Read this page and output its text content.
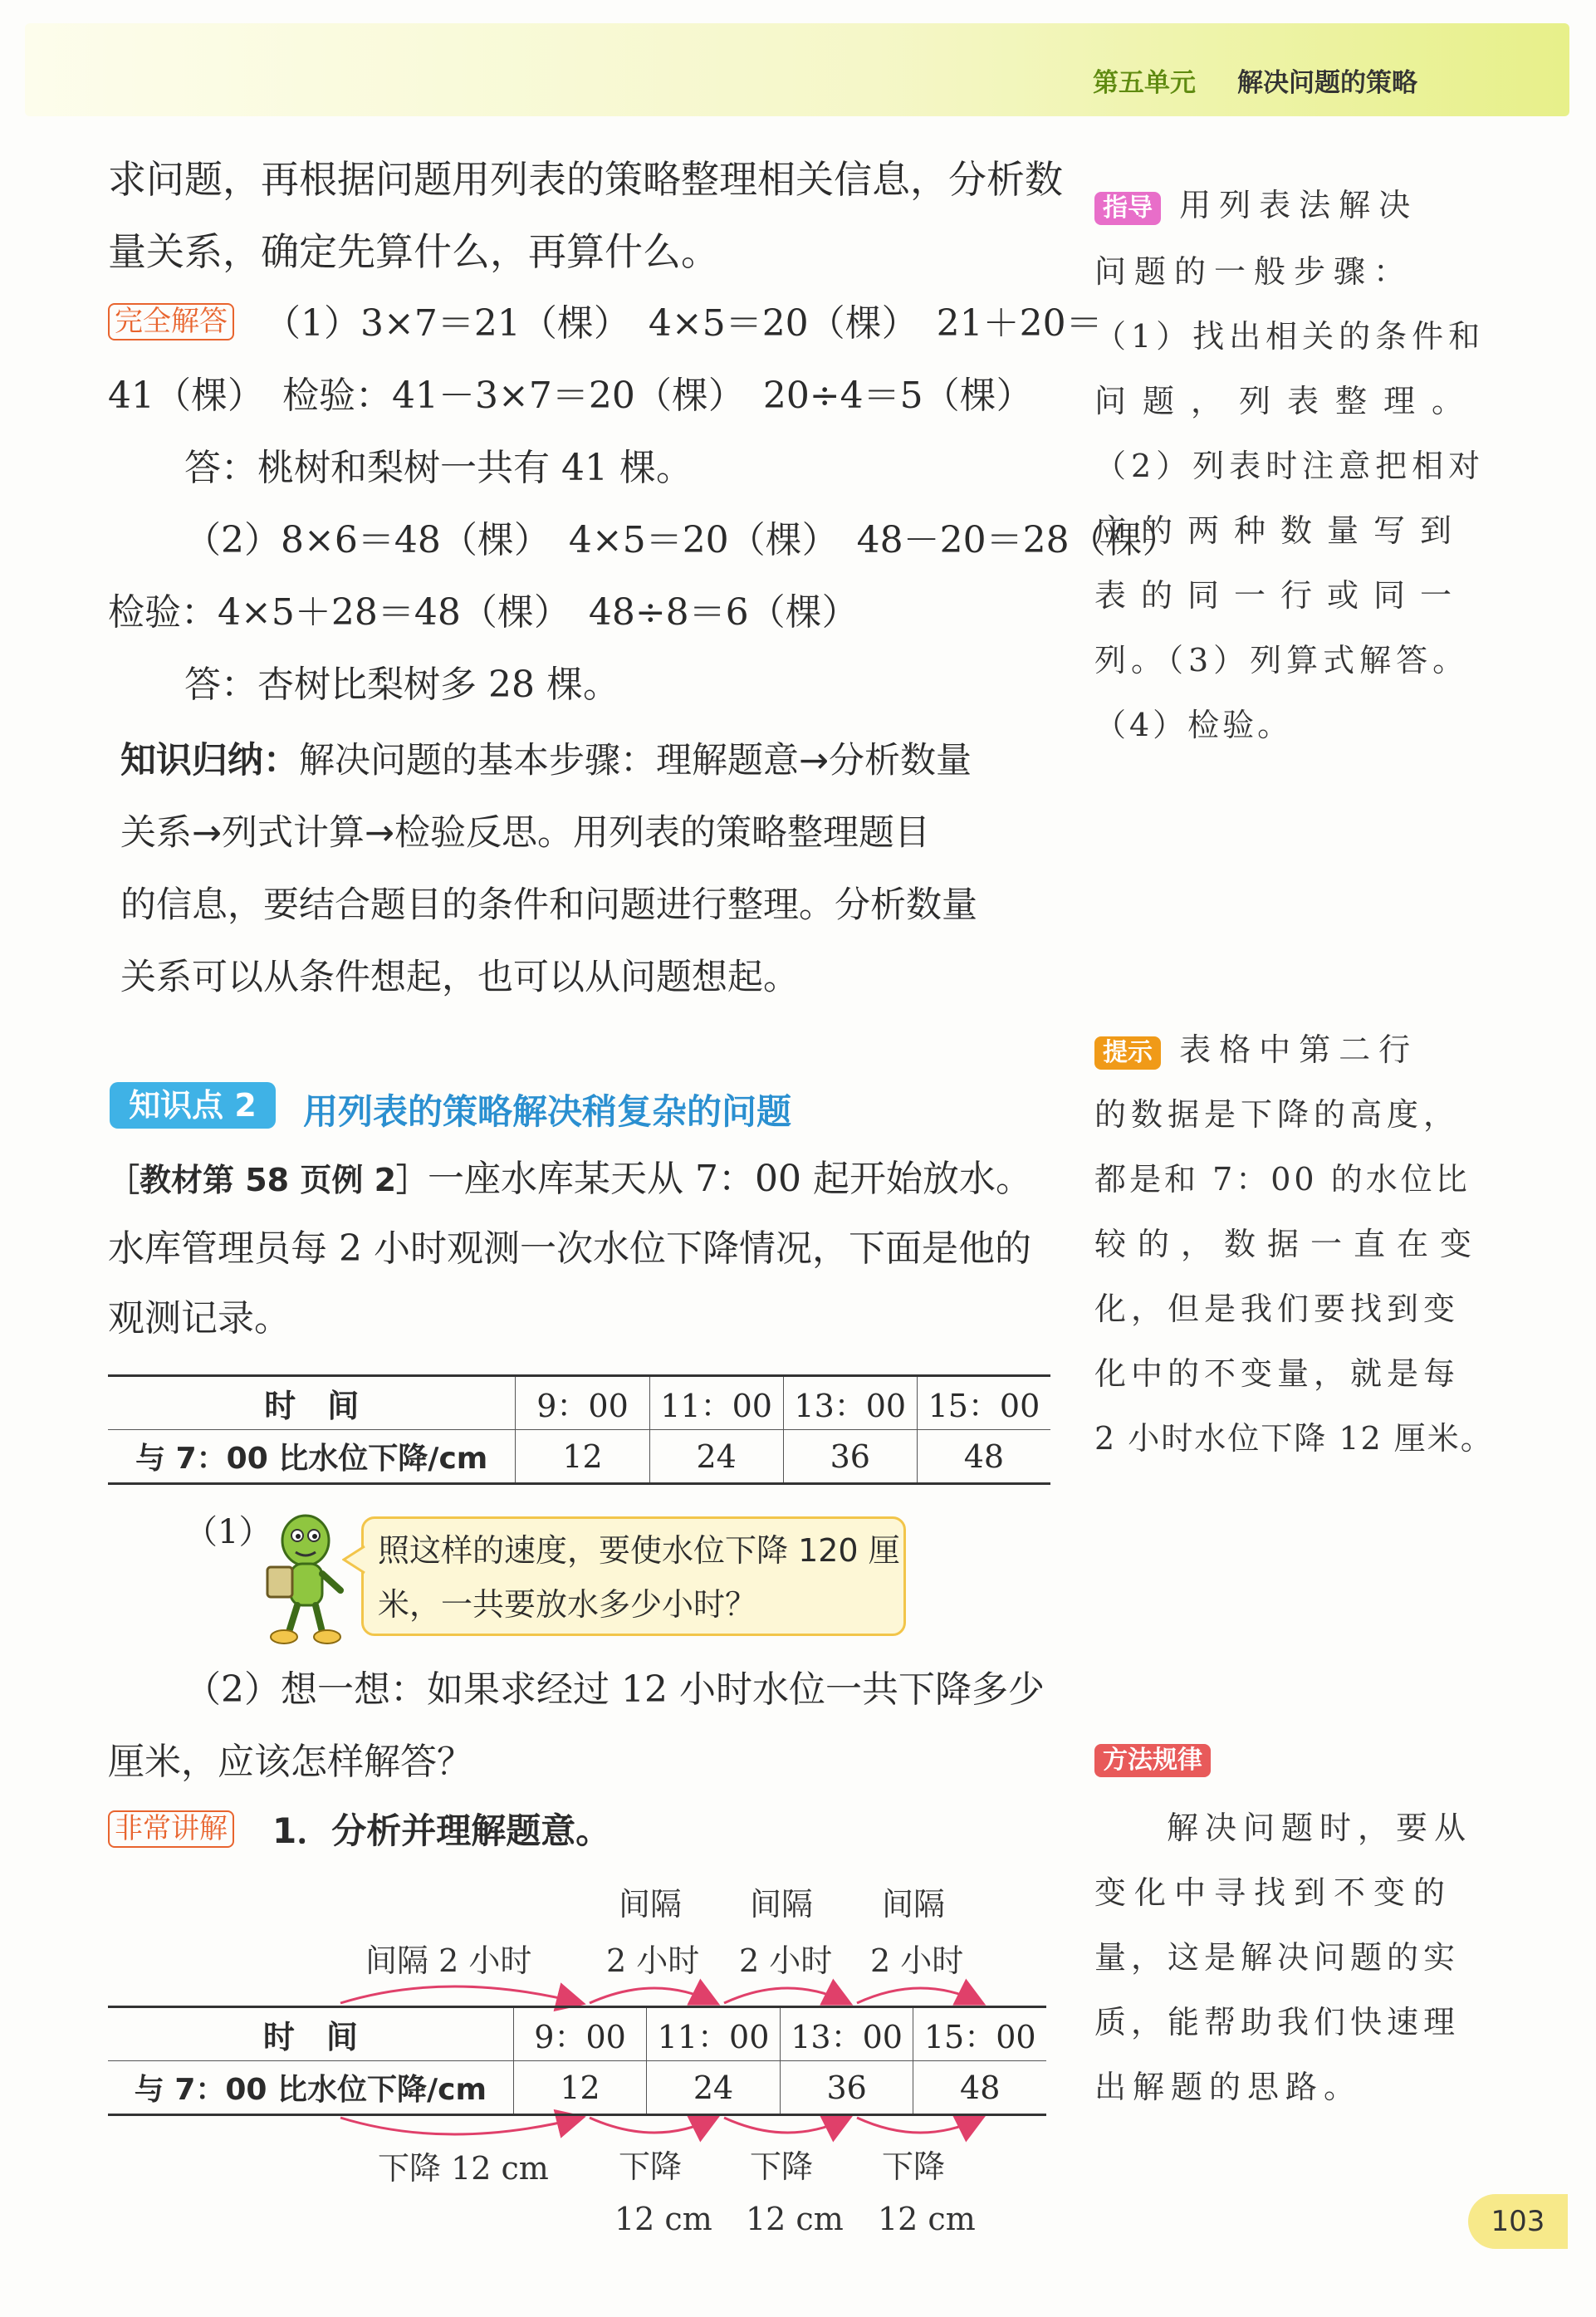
第五单元 解决问题的策略
求问题，再根据问题用列表的策略整理相关信息，分析数
量关系，确定先算什么，再算什么。
完全解答 （1）3×7＝21（棵）　4×5＝20（棵）　21＋20＝
41（棵）　检验：41－3×7＝20（棵）　20÷4＝5（棵）
答：桃树和梨树一共有 41 棵。
（2）8×6＝48（棵）　4×5＝20（棵）　48－20＝28（棵）
检验：4×5＋28＝48（棵）　48÷8＝6（棵）
答：杏树比梨树多 28 棵。
知识归纳：解决问题的基本步骤：理解题意→分析数量
关系→列式计算→检验反思。用列表的策略整理题目
的信息，要结合题目的条件和问题进行整理。分析数量
关系可以从条件想起，也可以从问题想起。
知识点 2	用列表的策略解决稍复杂的问题
［教材第 58 页例 2］一座水库某天从 7：00 起开始放水。
水库管理员每 2 小时观测一次水位下降情况，下面是他的
观测记录。
时　间	9：00	11：00	13：00	15：00
与 7：00 比水位下降/cm	12	24	36	48
（1）	照这样的速度，要使水位下降 120 厘
米，一共要放水多少小时？
（2）想一想：如果求经过 12 小时水位一共下降多少
厘米，应该怎样解答？
非常讲解 1．分析并理解题意。
间隔 间隔 间隔
间隔 2 小时 2 小时 2 小时 2 小时
时　间	9：00	11：00	13：00	15：00
与 7：00 比水位下降/cm	12	24	36	48
下降 12 cm 下降 下降 下降
12 cm 12 cm 12 cm
指导 用列表法解决
问题的一般步骤：
（1）找出相关的条件和
问题，列表整理。
（2）列表时注意把相对
应的两种数量写到
表的同一行或同一
列。（3）列算式解答。
（4）检验。
提示 表格中第二行
的数据是下降的高度，
都是和 7：00 的水位比
较的，数据一直在变
化，但是我们要找到变
化中的不变量，就是每
2 小时水位下降 12 厘米。
方法规律
解决问题时，要从
变化中寻找到不变的
量，这是解决问题的实
质，能帮助我们快速理
出解题的思路。
103
